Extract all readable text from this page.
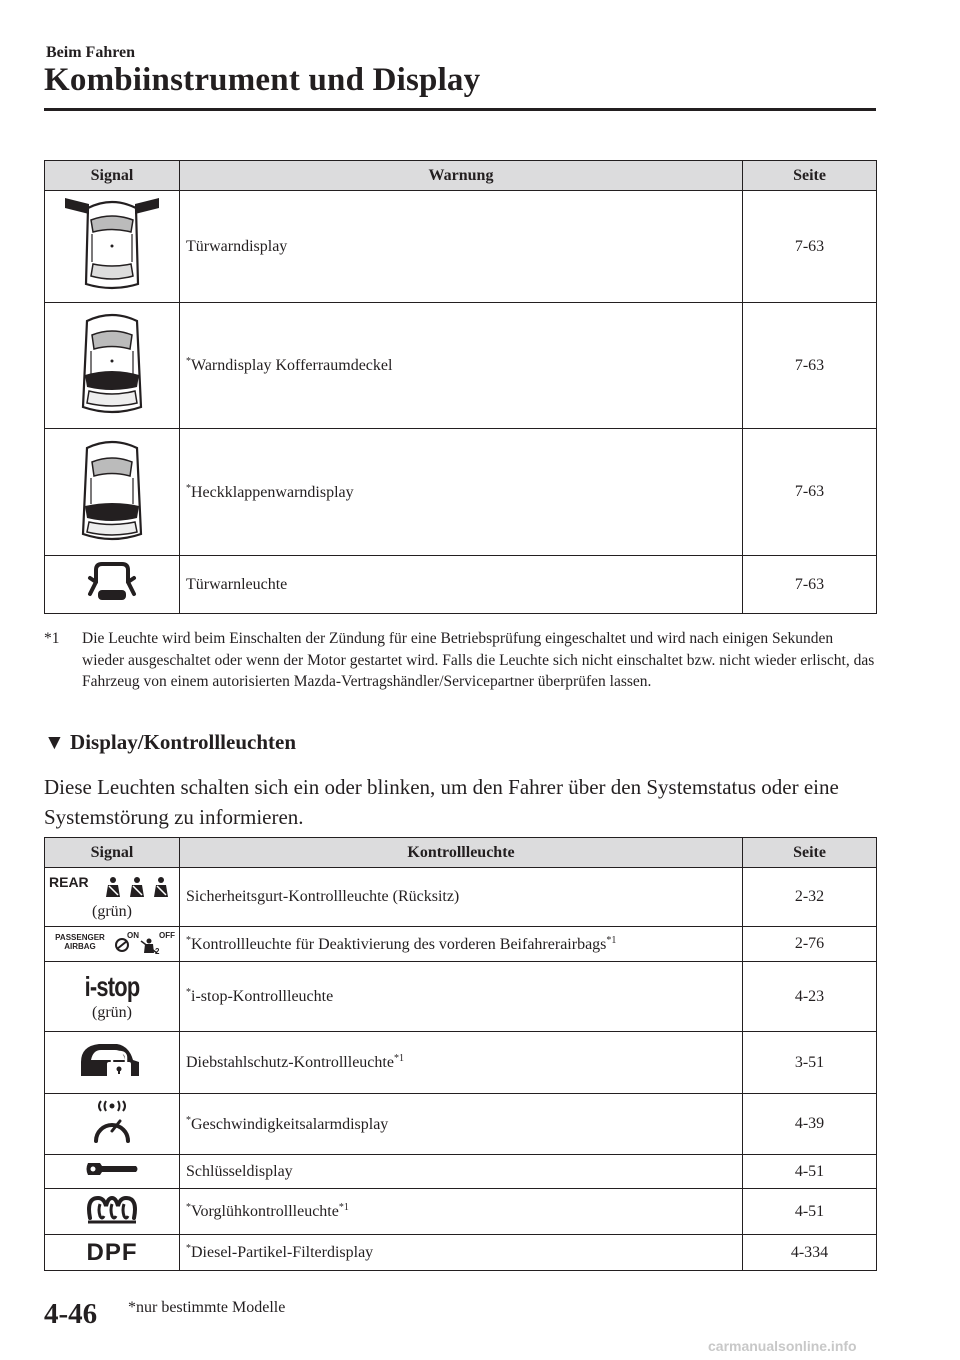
Beim Fahren
Kombiinstrument und Display
Signal	Warnung	Seite
	Türwarndisplay	7-63
	*Warndisplay Kofferraumdeckel	7-63
	*Heckklappenwarndisplay	7-63
	Türwarnleuchte	7-63
*1 Die Leuchte wird beim Einschalten der Zündung für eine Betriebsprüfung eingeschaltet und wird nach einigen Sekunden wieder ausgeschaltet oder wenn der Motor gestartet wird. Falls die Leuchte sich nicht einschaltet bzw. nicht wieder erlischt, das Fahrzeug von einem autorisierten Mazda-Vertragshändler/Servicepartner überprüfen lassen.
▼ Display/Kontrollleuchten
Diese Leuchten schalten sich ein oder blinken, um den Fahrer über den Systemstatus oder eine Systemstörung zu informieren.
Signal	Kontrollleuchte	Seite

REAR
(grün)	Sicherheitsgurt-Kontrollleuchte (Rücksitz)	2-32

PASSENGER AIRBAG
ON OFF
2	*Kontrollleuchte für Deaktivierung des vorderen Beifahrerairbags$^{*1}$	2-76

i-stop
(grün)	*i-stop-Kontrollleuchte	4-23
	Diebstahlschutz-Kontrollleuchte$^{*1}$	3-51
	*Geschwindigkeitsalarmdisplay	4-39
	Schlüsseldisplay	4-51
	*Vorglühkontrollleuchte$^{*1}$	4-51
DPF	*Diesel-Partikel-Filterdisplay	4-334
4-46 *nur bestimmte Modelle
carmanualsonline.info
